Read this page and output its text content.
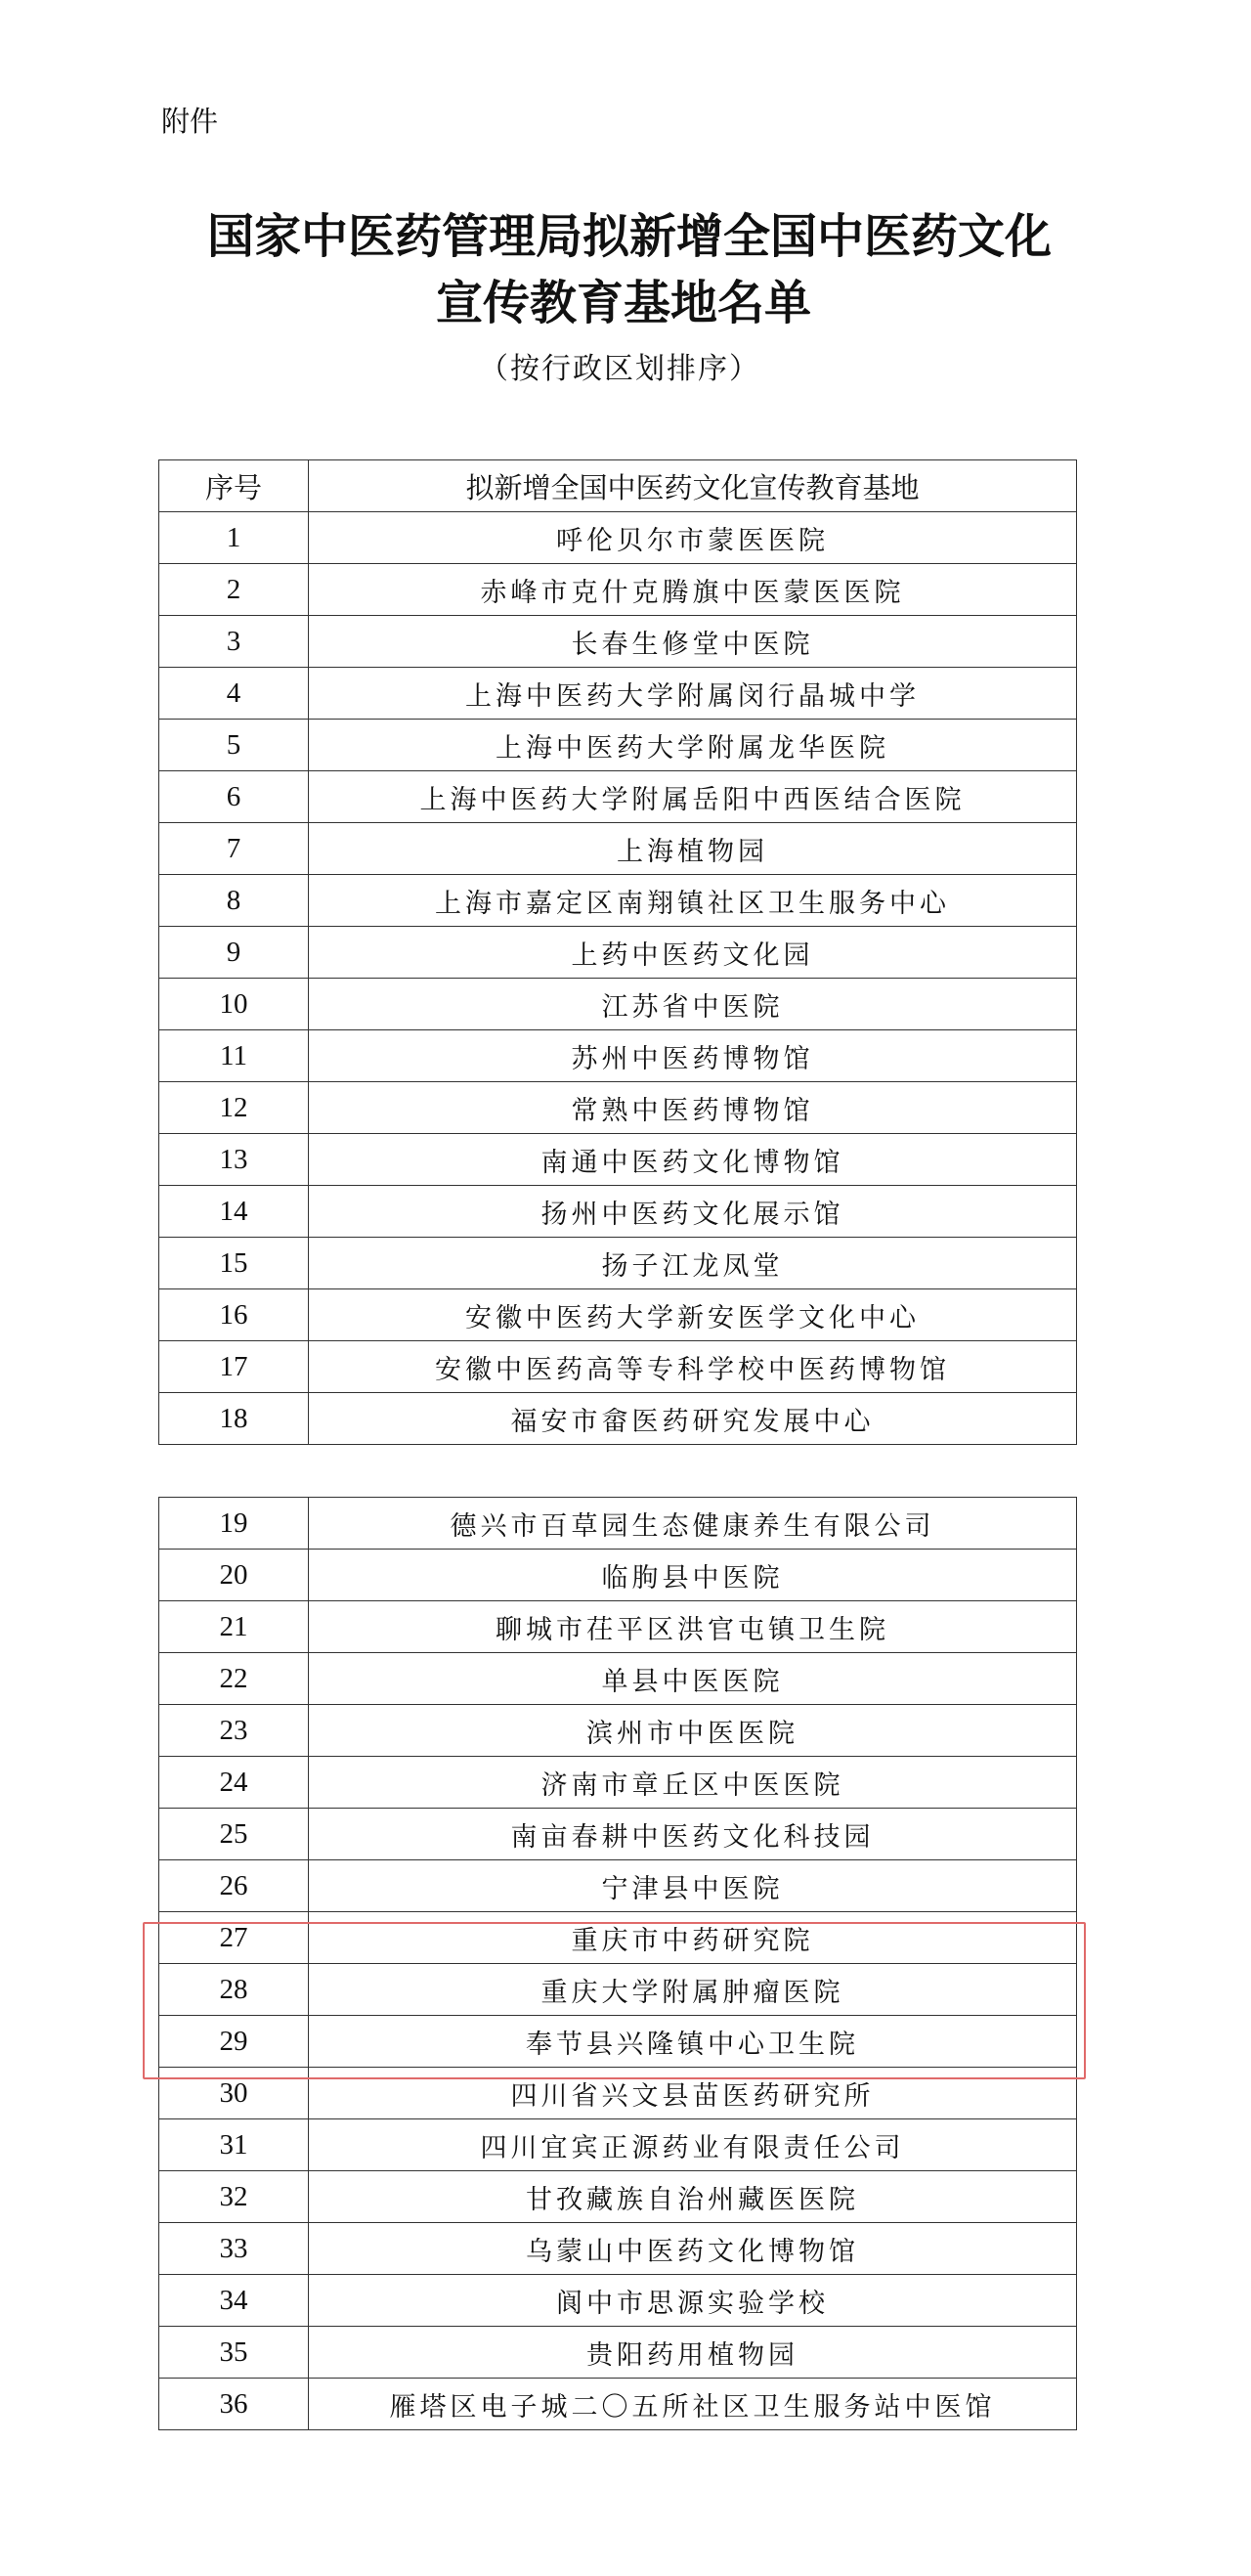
附件
国家中医药管理局拟新增全国中医药文化
宣传教育基地名单
（按行政区划排序）
序号	拟新增全国中医药文化宣传教育基地
1	呼伦贝尔市蒙医医院
2	赤峰市克什克腾旗中医蒙医医院
3	长春生修堂中医院
4	上海中医药大学附属闵行晶城中学
5	上海中医药大学附属龙华医院
6	上海中医药大学附属岳阳中西医结合医院
7	上海植物园
8	上海市嘉定区南翔镇社区卫生服务中心
9	上药中医药文化园
10	江苏省中医院
11	苏州中医药博物馆
12	常熟中医药博物馆
13	南通中医药文化博物馆
14	扬州中医药文化展示馆
15	扬子江龙凤堂
16	安徽中医药大学新安医学文化中心
17	安徽中医药高等专科学校中医药博物馆
18	福安市畲医药研究发展中心
19	德兴市百草园生态健康养生有限公司
20	临朐县中医院
21	聊城市茌平区洪官屯镇卫生院
22	单县中医医院
23	滨州市中医医院
24	济南市章丘区中医医院
25	南亩春耕中医药文化科技园
26	宁津县中医院
27	重庆市中药研究院
28	重庆大学附属肿瘤医院
29	奉节县兴隆镇中心卫生院
30	四川省兴文县苗医药研究所
31	四川宜宾正源药业有限责任公司
32	甘孜藏族自治州藏医医院
33	乌蒙山中医药文化博物馆
34	阆中市思源实验学校
35	贵阳药用植物园
36	雁塔区电子城二〇五所社区卫生服务站中医馆
